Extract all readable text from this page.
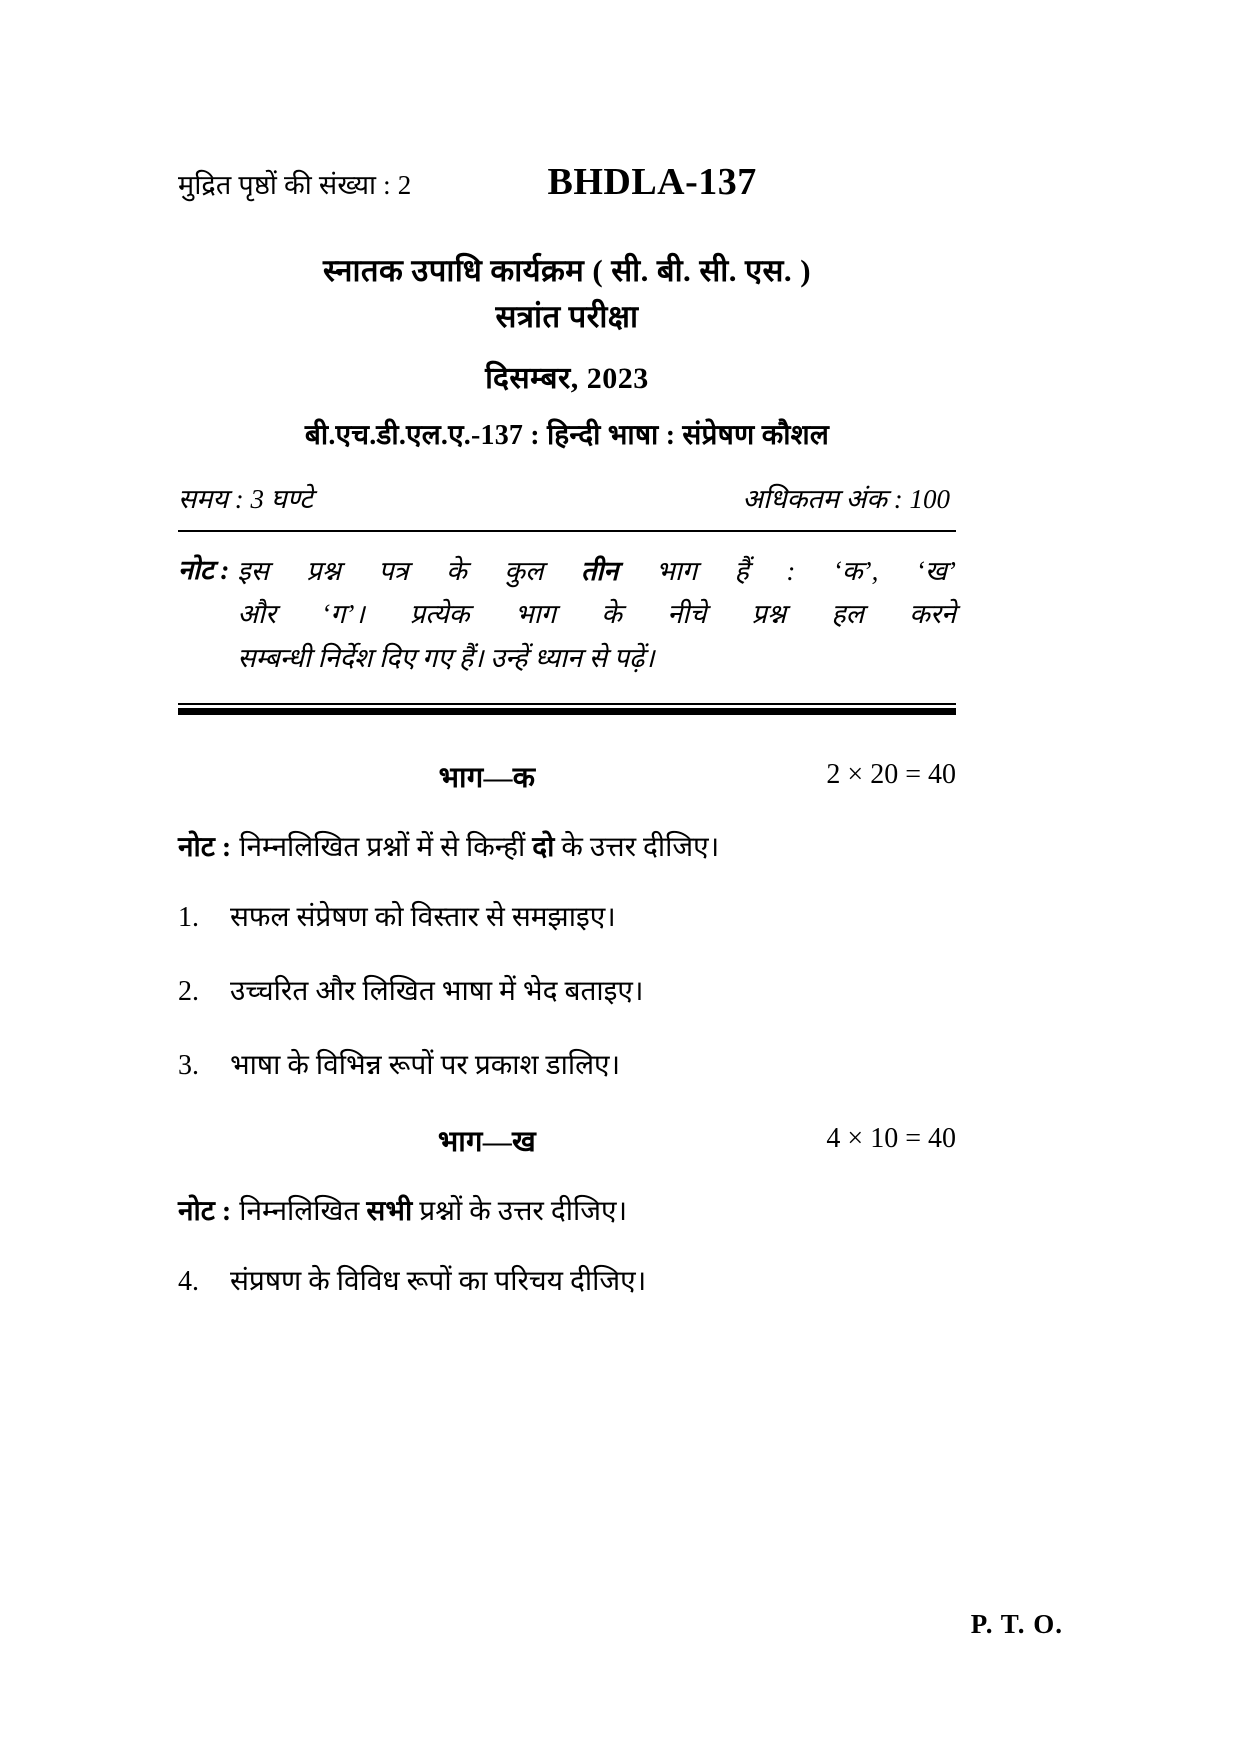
मुद्रित पृष्ठों की संख्या : 2	BHDLA-137
स्नातक उपाधि कार्यक्रम ( सी. बी. सी. एस. )
सत्रांत परीक्षा
दिसम्बर, 2023
बी.एच.डी.एल.ए.-137 : हिन्दी भाषा : संप्रेषण कौशल
समय : 3 घण्टे	अधिकतम अंक : 100
नोट : इस प्रश्न पत्र के कुल तीन भाग हैं : ‘क’, ‘ख’
और ‘ग’। प्रत्येक भाग के नीचे प्रश्न हल करने
सम्बन्धी निर्देश दिए गए हैं। उन्हें ध्यान से पढ़ें।
भाग—क	2 × 20 = 40
नोट : निम्नलिखित प्रश्नों में से किन्हीं दो के उत्तर दीजिए।
1.	सफल संप्रेषण को विस्तार से समझाइए।
2.	उच्चरित और लिखित भाषा में भेद बताइए।
3.	भाषा के विभिन्न रूपों पर प्रकाश डालिए।
भाग—ख	4 × 10 = 40
नोट : निम्नलिखित सभी प्रश्नों के उत्तर दीजिए।
4.	संप्रषण के विविध रूपों का परिचय दीजिए।
P. T. O.
